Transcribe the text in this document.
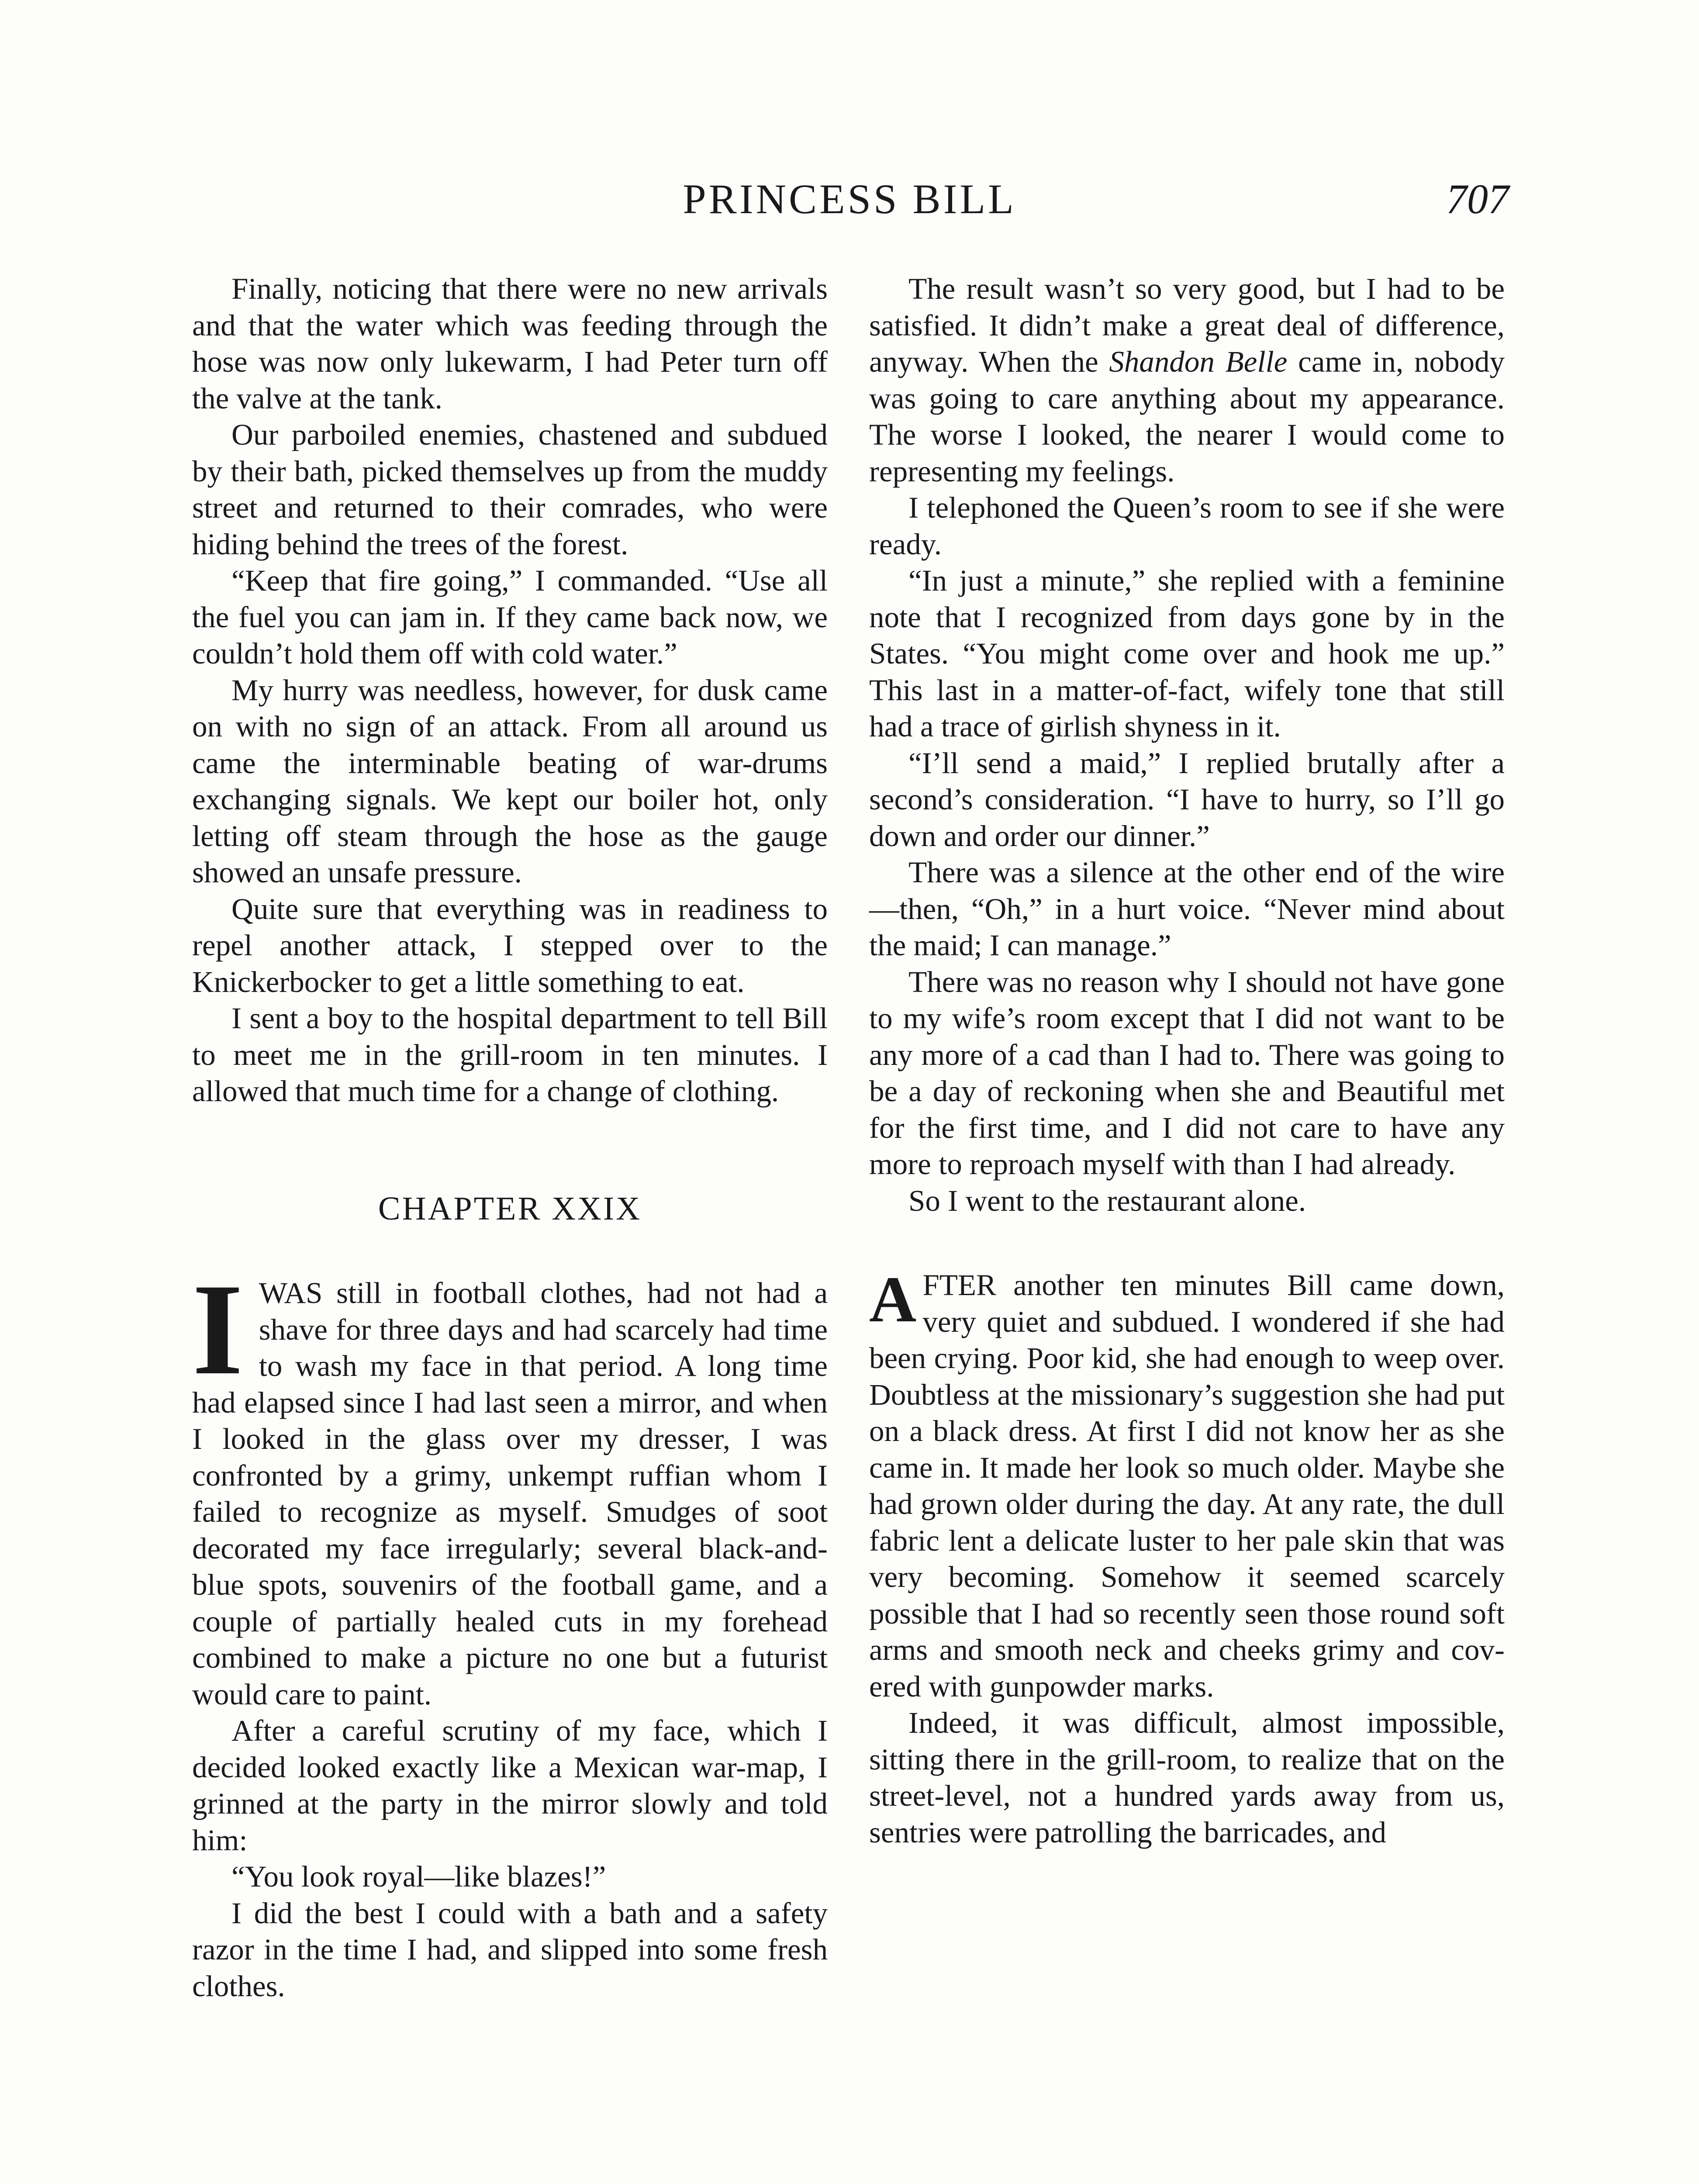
PRINCESS BILL	707

Finally, noticing that there were no new arrivals and that the water which was feeding through the hose was now only lukewarm, I had Peter turn off the valve at the tank.

Our parboiled enemies, chastened and subdued by their bath, picked themselves up from the muddy street and returned to their comrades, who were hiding behind the trees of the forest.

“Keep that fire going,” I commanded. “Use all the fuel you can jam in. If they came back now, we couldn’t hold them off with cold water.”

My hurry was needless, however, for dusk came on with no sign of an attack. From all around us came the interminable beating of war-drums exchanging signals. We kept our boiler hot, only letting off steam through the hose as the gauge showed an unsafe pressure.

Quite sure that everything was in readiness to repel another attack, I stepped over to the Knickerbocker to get a little something to eat.

I sent a boy to the hospital department to tell Bill to meet me in the grill-room in ten minutes. I allowed that much time for a change of clothing.

CHAPTER XXIX

IWAS still in football clothes, had not had a shave for three days and had scarcely had time to wash my face in that period. A long time had elapsed since I had last seen a mirror, and when I looked in the glass over my dresser, I was confronted by a grimy, unkempt ruffian whom I failed to recognize as myself. Smudges of soot decorated my face irregularly; several black-and-blue spots, souvenirs of the football game, and a couple of partially healed cuts in my forehead combined to make a picture no one but a futurist would care to paint.

After a careful scrutiny of my face, which I decided looked exactly like a Mexican war-map, I grinned at the party in the mirror slowly and told him:

“You look royal—like blazes!”

I did the best I could with a bath and a safety razor in the time I had, and slipped into some fresh clothes.

The result wasn’t so very good, but I had to be satisfied. It didn’t make a great deal of difference, anyway. When the Shandon Belle came in, nobody was going to care anything about my appearance. The worse I looked, the nearer I would come to representing my feelings.

I telephoned the Queen’s room to see if she were ready.

“In just a minute,” she replied with a feminine note that I recognized from days gone by in the States. “You might come over and hook me up.” This last in a matter-of-fact, wifely tone that still had a trace of girlish shyness in it.

“I’ll send a maid,” I replied brutally after a second’s consideration. “I have to hurry, so I’ll go down and order our dinner.”

There was a silence at the other end of the wire—then, “Oh,” in a hurt voice. “Never mind about the maid; I can manage.”

There was no reason why I should not have gone to my wife’s room except that I did not want to be any more of a cad than I had to. There was going to be a day of reckoning when she and Beautiful met for the first time, and I did not care to have any more to reproach myself with than I had already.

So I went to the restaurant alone.

AFTER another ten minutes Bill came down, very quiet and subdued. I wondered if she had been crying. Poor kid, she had enough to weep over. Doubtless at the missionary’s suggestion she had put on a black dress. At first I did not know her as she came in. It made her look so much older. Maybe she had grown older during the day. At any rate, the dull fabric lent a delicate luster to her pale skin that was very becoming. Somehow it seemed scarcely possible that I had so recently seen those round soft arms and smooth neck and cheeks grimy and covered with gunpowder marks.

Indeed, it was difficult, almost impossible, sitting there in the grill-room, to realize that on the street-level, not a hundred yards away from us, sentries were patrolling the barricades, and
